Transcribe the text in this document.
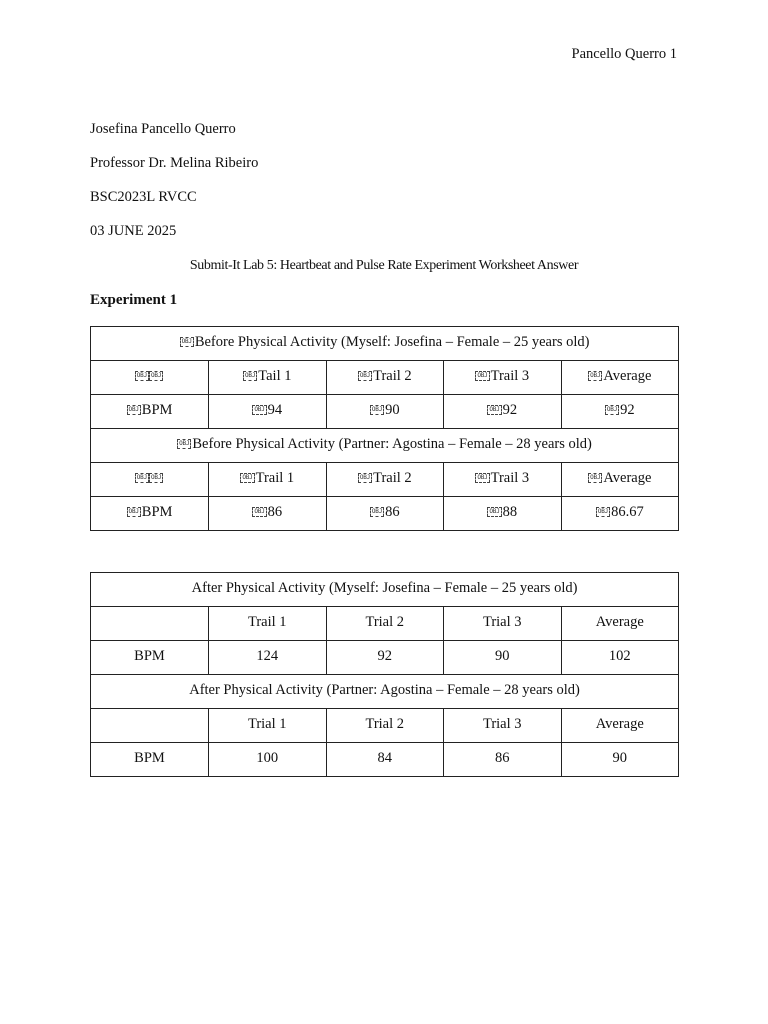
Pancello Querro 1
Josefina Pancello Querro
Professor Dr. Melina Ribeiro
BSC2023L RVCC
03 JUNE 2025
Submit-It Lab 5: Heartbeat and Pulse Rate Experiment Worksheet Answer
Experiment 1
OBJ Before Physical Activity (Myself: Josefina – Female – 25 years old)				
OBJ OBJ	OBJ Tail 1	OBJ Trail 2	OBJ Trail 3	OBJ Average
OBJ BPM	OBJ 94	OBJ 90	OBJ 92	OBJ 92
OBJ Before Physical Activity (Partner: Agostina – Female – 28 years old)				
OBJ OBJ	OBJ Trail 1	OBJ Trail 2	OBJ Trail 3	OBJ Average
OBJ BPM	OBJ 86	OBJ 86	OBJ 88	OBJ 86.67
After Physical Activity (Myself: Josefina – Female – 25 years old)				
	Trail 1	Trial 2	Trial 3	Average
BPM	124	92	90	102
After Physical Activity (Partner: Agostina – Female – 28 years old)				
	Trial 1	Trial 2	Trial 3	Average
BPM	100	84	86	90
